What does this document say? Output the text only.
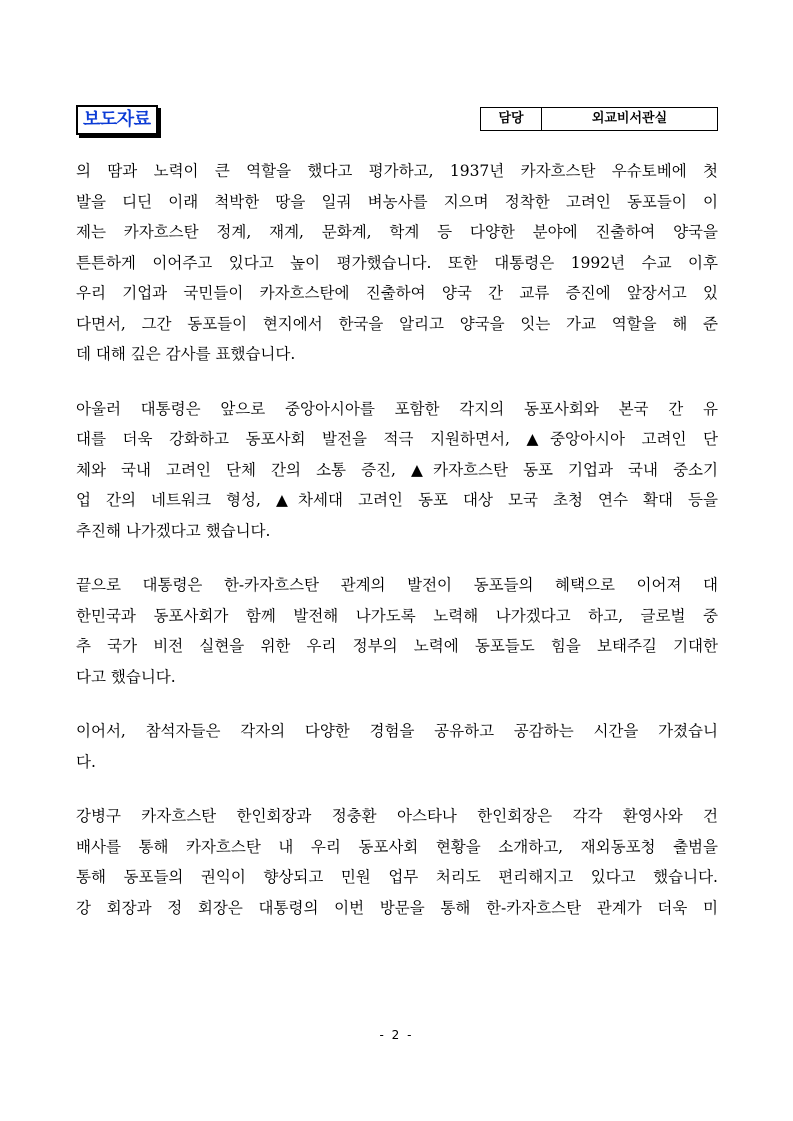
보도자료	담당	외교비서관실
의 땀과 노력이 큰 역할을 했다고 평가하고, 1937년 카자흐스탄 우슈토베에 첫
발을 디딘 이래 척박한 땅을 일궈 벼농사를 지으며 정착한 고려인 동포들이 이
제는 카자흐스탄 정계, 재계, 문화계, 학계 등 다양한 분야에 진출하여 양국을
튼튼하게 이어주고 있다고 높이 평가했습니다. 또한 대통령은 1992년 수교 이후
우리 기업과 국민들이 카자흐스탄에 진출하여 양국 간 교류 증진에 앞장서고 있
다면서, 그간 동포들이 현지에서 한국을 알리고 양국을 잇는 가교 역할을 해 준
데 대해 깊은 감사를 표했습니다.
아울러 대통령은 앞으로 중앙아시아를 포함한 각지의 동포사회와 본국 간 유
대를 더욱 강화하고 동포사회 발전을 적극 지원하면서, ▲중앙아시아 고려인 단
체와 국내 고려인 단체 간의 소통 증진, ▲카자흐스탄 동포 기업과 국내 중소기
업 간의 네트워크 형성, ▲차세대 고려인 동포 대상 모국 초청 연수 확대 등을
추진해 나가겠다고 했습니다.
끝으로 대통령은 한-카자흐스탄 관계의 발전이 동포들의 혜택으로 이어져 대
한민국과 동포사회가 함께 발전해 나가도록 노력해 나가겠다고 하고, 글로벌 중
추 국가 비전 실현을 위한 우리 정부의 노력에 동포들도 힘을 보태주길 기대한
다고 했습니다.
이어서, 참석자들은 각자의 다양한 경험을 공유하고 공감하는 시간을 가졌습니
다.
강병구 카자흐스탄 한인회장과 정충환 아스타나 한인회장은 각각 환영사와 건
배사를 통해 카자흐스탄 내 우리 동포사회 현황을 소개하고, 재외동포청 출범을
통해 동포들의 권익이 향상되고 민원 업무 처리도 편리해지고 있다고 했습니다.
강 회장과 정 회장은 대통령의 이번 방문을 통해 한-카자흐스탄 관계가 더욱 미
- 2 -
